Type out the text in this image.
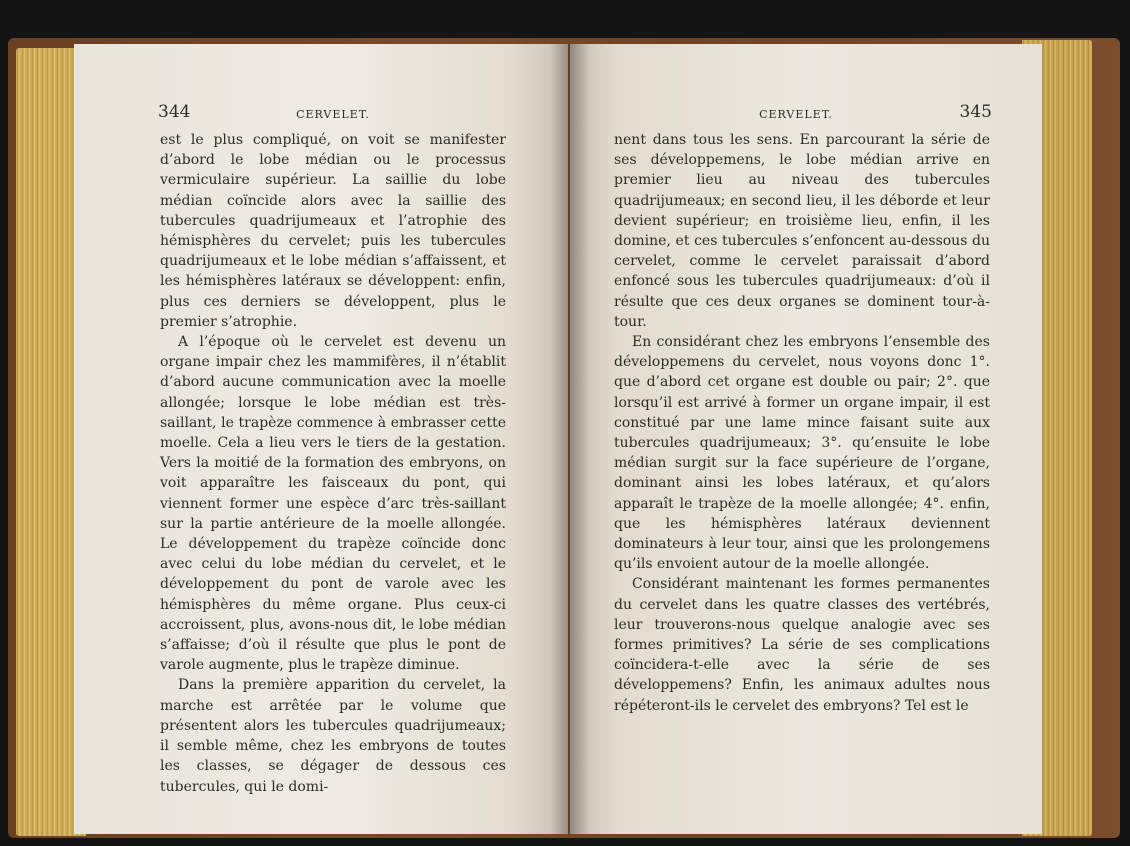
344	CERVELET.

est le plus compliqué, on voit se manifester d’abord le lobe médian ou le processus vermiculaire supérieur. La saillie du lobe médian coïncide alors avec la saillie des tubercules quadrijumeaux et l’atrophie des hémisphères du cervelet; puis les tubercules quadrijumeaux et le lobe médian s’affaissent, et les hémisphères latéraux se développent: enfin, plus ces derniers se développent, plus le premier s’atrophie.

A l’époque où le cervelet est devenu un organe impair chez les mammifères, il n’établit d’abord aucune communication avec la moelle allongée; lorsque le lobe médian est très-saillant, le trapèze commence à embrasser cette moelle. Cela a lieu vers le tiers de la gestation. Vers la moitié de la formation des embryons, on voit apparaître les faisceaux du pont, qui viennent former une espèce d’arc très-saillant sur la partie antérieure de la moelle allongée. Le développement du trapèze coïncide donc avec celui du lobe médian du cervelet, et le développement du pont de varole avec les hémisphères du même organe. Plus ceux-ci accroissent, plus, avons-nous dit, le lobe médian s’affaisse; d’où il résulte que plus le pont de varole augmente, plus le trapèze diminue.

Dans la première apparition du cervelet, la marche est arrêtée par le volume que présentent alors les tubercules quadrijumeaux; il semble même, chez les embryons de toutes les classes, se dégager de dessous ces tubercules, qui le domi-

CERVELET.	345

nent dans tous les sens. En parcourant la série de ses développemens, le lobe médian arrive en premier lieu au niveau des tubercules quadrijumeaux; en second lieu, il les déborde et leur devient supérieur; en troisième lieu, enfin, il les domine, et ces tubercules s’enfoncent au-dessous du cervelet, comme le cervelet paraissait d’abord enfoncé sous les tubercules quadrijumeaux: d’où il résulte que ces deux organes se dominent tour-à-tour.

En considérant chez les embryons l’ensemble des développemens du cervelet, nous voyons donc 1°. que d’abord cet organe est double ou pair; 2°. que lorsqu’il est arrivé à former un organe impair, il est constitué par une lame mince faisant suite aux tubercules quadrijumeaux; 3°. qu’ensuite le lobe médian surgit sur la face supérieure de l’organe, dominant ainsi les lobes latéraux, et qu’alors apparaît le trapèze de la moelle allongée; 4°. enfin, que les hémisphères latéraux deviennent dominateurs à leur tour, ainsi que les prolongemens qu’ils envoient autour de la moelle allongée.

Considérant maintenant les formes permanentes du cervelet dans les quatre classes des vertébrés, leur trouverons-nous quelque analogie avec ses formes primitives? La série de ses complications coïncidera-t-elle avec la série de ses développemens? Enfin, les animaux adultes nous répéteront-ils le cervelet des embryons? Tel est le
